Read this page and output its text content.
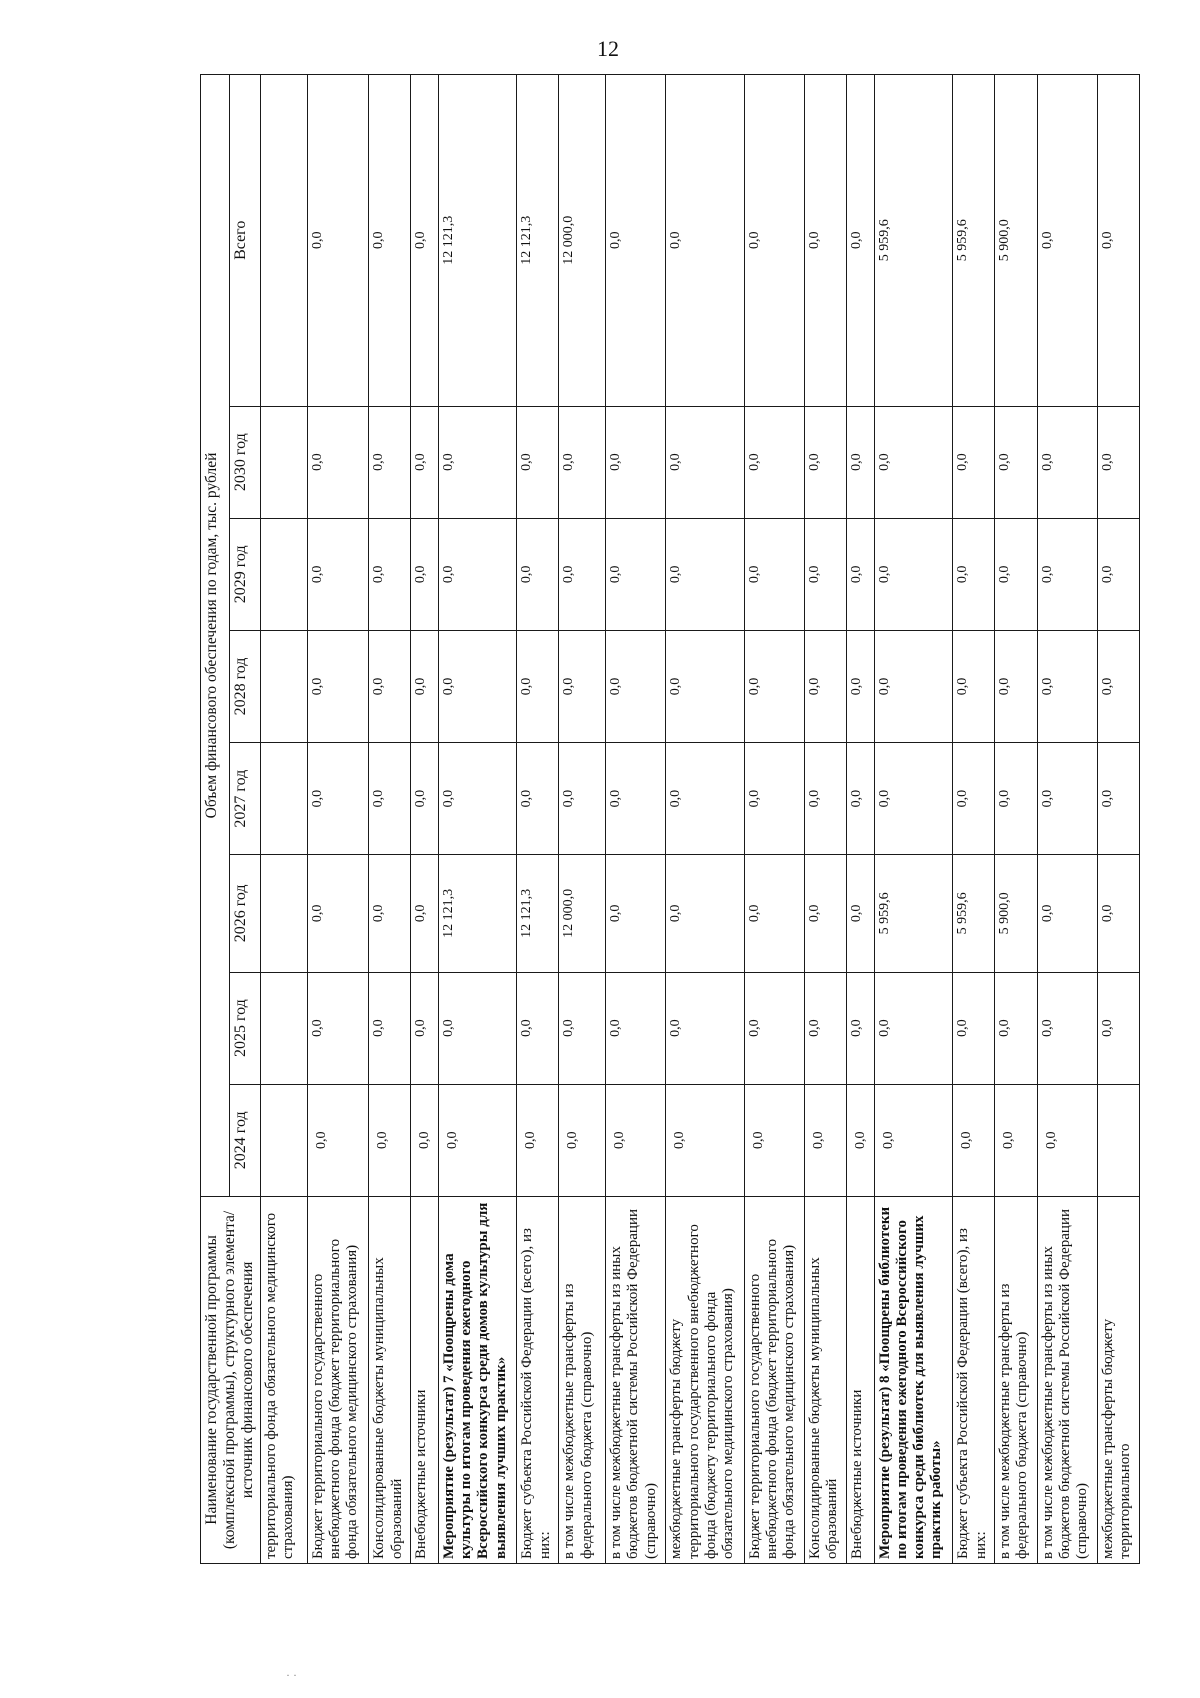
12
Наименование государственной программы (комплексной программы), структурного элемента/источник финансового обеспечения	Объем финансового обеспечения по годам, тыс. рублей							
	2024 год	2025 год	2026 год	2027 год	2028 год	2029 год	2030 год	Всего
территориального фонда обязательного медицинского страхования)								
Бюджет территориального государственного внебюджетного фонда (бюджет территориального фонда обязательного медицинского страхования)	0,0	0,0	0,0	0,0	0,0	0,0	0,0	0,0
Консолидированные бюджеты муниципальных образований	0,0	0,0	0,0	0,0	0,0	0,0	0,0	0,0
Внебюджетные источники	0,0	0,0	0,0	0,0	0,0	0,0	0,0	0,0
Мероприятие (результат) 7 «Поощрены дома культуры по итогам проведения ежегодного Всероссийского конкурса среди домов культуры для выявления лучших практик»	0,0	0,0	12 121,3	0,0	0,0	0,0	0,0	12 121,3
Бюджет субъекта Российской Федерации (всего), из них:	0,0	0,0	12 121,3	0,0	0,0	0,0	0,0	12 121,3
в том числе межбюджетные трансферты из федерального бюджета (справочно)	0,0	0,0	12 000,0	0,0	0,0	0,0	0,0	12 000,0
в том числе межбюджетные трансферты из иных бюджетов бюджетной системы Российской Федерации (справочно)	0,0	0,0	0,0	0,0	0,0	0,0	0,0	0,0
межбюджетные трансферты бюджету территориального государственного внебюджетного фонда (бюджету территориального фонда обязательного медицинского страхования)	0,0	0,0	0,0	0,0	0,0	0,0	0,0	0,0
Бюджет территориального государственного внебюджетного фонда (бюджет территориального фонда обязательного медицинского страхования)	0,0	0,0	0,0	0,0	0,0	0,0	0,0	0,0
Консолидированные бюджеты муниципальных образований	0,0	0,0	0,0	0,0	0,0	0,0	0,0	0,0
Внебюджетные источники	0,0	0,0	0,0	0,0	0,0	0,0	0,0	0,0
Мероприятие (результат) 8 «Поощрены библиотеки по итогам проведения ежегодного Всероссийского конкурса среди библиотек для выявления лучших практик работы»	0,0	0,0	5 959,6	0,0	0,0	0,0	0,0	5 959,6
Бюджет субъекта Российской Федерации (всего), из них:	0,0	0,0	5 959,6	0,0	0,0	0,0	0,0	5 959,6
в том числе межбюджетные трансферты из федерального бюджета (справочно)	0,0	0,0	5 900,0	0,0	0,0	0,0	0,0	5 900,0
в том числе межбюджетные трансферты из иных бюджетов бюджетной системы Российской Федерации (справочно)	0,0	0,0	0,0	0,0	0,0	0,0	0,0	0,0
межбюджетные трансферты бюджету территориального		0,0	0,0	0,0	0,0	0,0	0,0	0,0
· ·
